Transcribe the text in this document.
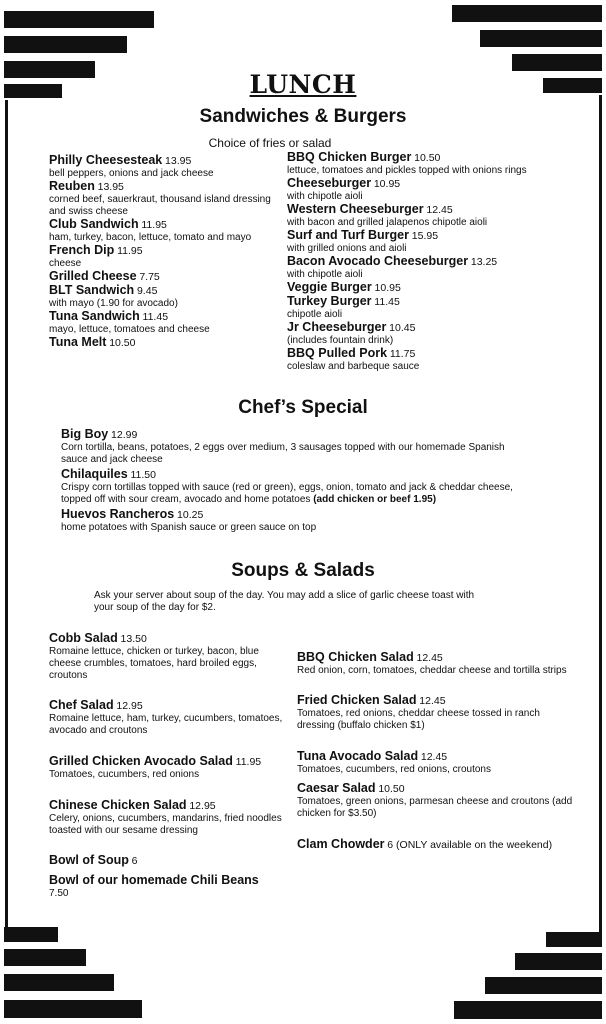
LUNCH
Sandwiches & Burgers
Choice of fries or salad
Philly Cheesesteak 13.95
bell peppers, onions and jack cheese
Reuben 13.95
corned beef, sauerkraut, thousand island dressing and swiss cheese
Club Sandwich 11.95
ham, turkey, bacon, lettuce, tomato and mayo
French Dip 11.95
cheese
Grilled Cheese 7.75
BLT Sandwich 9.45
with mayo (1.90 for avocado)
Tuna Sandwich 11.45
mayo, lettuce, tomatoes and cheese
Tuna Melt 10.50
BBQ Chicken Burger 10.50
lettuce, tomatoes and pickles topped with onions rings
Cheeseburger 10.95
with chipotle aioli
Western Cheeseburger 12.45
with bacon and grilled jalapenos chipotle aioli
Surf and Turf Burger 15.95
with grilled onions and aioli
Bacon Avocado Cheeseburger 13.25
with chipotle aioli
Veggie Burger 10.95
Turkey Burger 11.45
chipotle aioli
Jr Cheeseburger 10.45
(includes fountain drink)
BBQ Pulled Pork 11.75
coleslaw and barbeque sauce
Chef’s Special
Big Boy 12.99
Corn tortilla, beans, potatoes, 2 eggs over medium, 3 sausages topped with our homemade Spanish sauce and jack cheese
Chilaquiles 11.50
Crispy corn tortillas topped with sauce (red or green), eggs, onion, tomato and jack & cheddar cheese, topped off with sour cream, avocado and home potatoes (add chicken or beef 1.95)
Huevos Rancheros 10.25
home potatoes with Spanish sauce or green sauce on top
Soups & Salads
Ask your server about soup of the day. You may add a slice of garlic cheese toast with your soup of the day for $2.
Cobb Salad 13.50
Romaine lettuce, chicken or turkey, bacon, blue cheese crumbles, tomatoes, hard broiled eggs, croutons
Chef Salad 12.95
Romaine lettuce, ham, turkey, cucumbers, tomatoes, avocado and croutons
Grilled Chicken Avocado Salad 11.95
Tomatoes, cucumbers, red onions
Chinese Chicken Salad 12.95
Celery, onions, cucumbers, mandarins, fried noodles toasted with our sesame dressing
Bowl of Soup 6
Bowl of our homemade Chili Beans
7.50
BBQ Chicken Salad 12.45
Red onion, corn, tomatoes, cheddar cheese and tortilla strips
Fried Chicken Salad 12.45
Tomatoes, red onions, cheddar cheese tossed in ranch dressing (buffalo chicken $1)
Tuna Avocado Salad 12.45
Tomatoes, cucumbers, red onions, croutons
Caesar Salad 10.50
Tomatoes, green onions, parmesan cheese and croutons (add chicken for $3.50)
Clam Chowder 6 (ONLY available on the weekend)
